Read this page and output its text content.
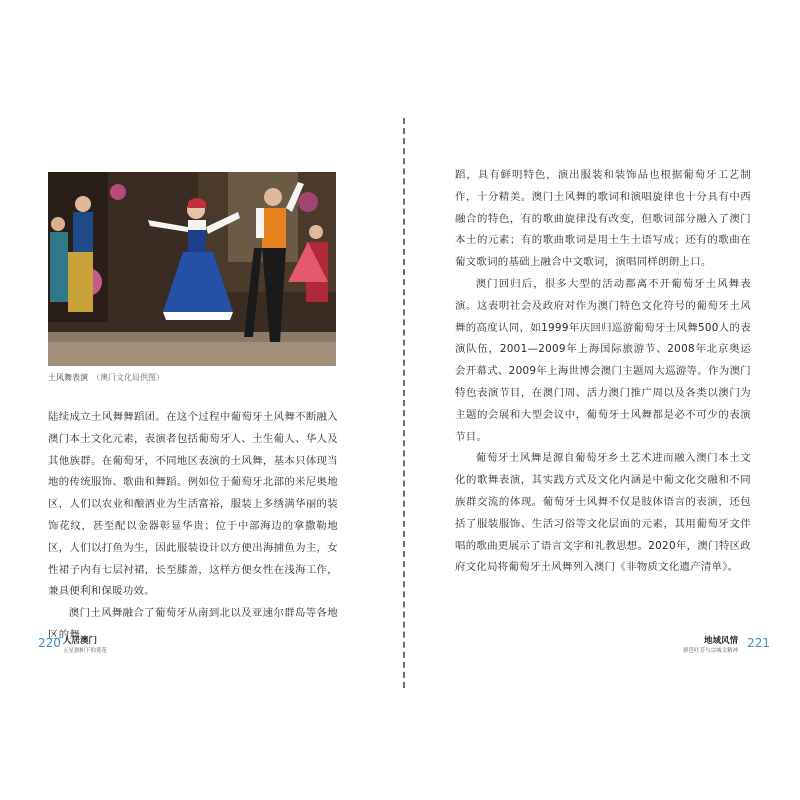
土风舞表演 （澳门文化局供图）

陆续成立土风舞舞蹈团。在这个过程中葡萄牙土风舞不断融入澳门本土文化元素，表演者包括葡萄牙人、土生葡人、华人及其他族群。在葡萄牙，不同地区表演的土风舞，基本只体现当地的传统服饰、歌曲和舞蹈。例如位于葡萄牙北部的米尼奥地区，人们以农业和酿酒业为生活富裕，服装上多绣满华丽的装饰花纹，甚至配以金器彰显华贵；位于中部海边的拿撒勒地区，人们以打鱼为生，因此服装设计以方便出海捕鱼为主，女性裙子内有七层衬裙，长至膝盖，这样方便女性在浅海工作，兼具便利和保暖功效。

澳门土风舞融合了葡萄牙从南到北以及亚速尔群岛等各地区的舞

蹈，具有鲜明特色，演出服装和装饰品也根据葡萄牙工艺制作，十分精美。澳门土风舞的歌词和演唱旋律也十分具有中西融合的特色，有的歌曲旋律没有改变，但歌词部分融入了澳门本土的元素；有的歌曲歌词是用土生土语写成；还有的歌曲在葡文歌词的基础上融合中文歌词，演唱同样朗朗上口。

澳门回归后，很多大型的活动都离不开葡萄牙土风舞表演。这表明社会及政府对作为澳门特色文化符号的葡萄牙土风舞的高度认同，如1999年庆回归巡游葡萄牙土风舞500人的表演队伍，2001—2009年上海国际旅游节、2008年北京奥运会开幕式、2009年上海世博会澳门主题周大巡游等。作为澳门特色表演节目，在澳门周、活力澳门推广周以及各类以澳门为主题的会展和大型会议中，葡萄牙土风舞都是必不可少的表演节目。

葡萄牙土风舞是源自葡萄牙乡土艺术进而融入澳门本土文化的歌舞表演，其实践方式及文化内涵是中葡文化交融和不同族群交流的体现。葡萄牙土风舞不仅是肢体语言的表演，还包括了服装服饰、生活习俗等文化层面的元素，其用葡萄牙文伴唱的歌曲更展示了语言文字和礼教思想。2020年，澳门特区政府文化局将葡萄牙土风舞列入澳门《非物质文化遗产清单》。

220 人居澳门
五星旗帜下的莲花
地域风情
群芭吐芳与宗城文精神
221
